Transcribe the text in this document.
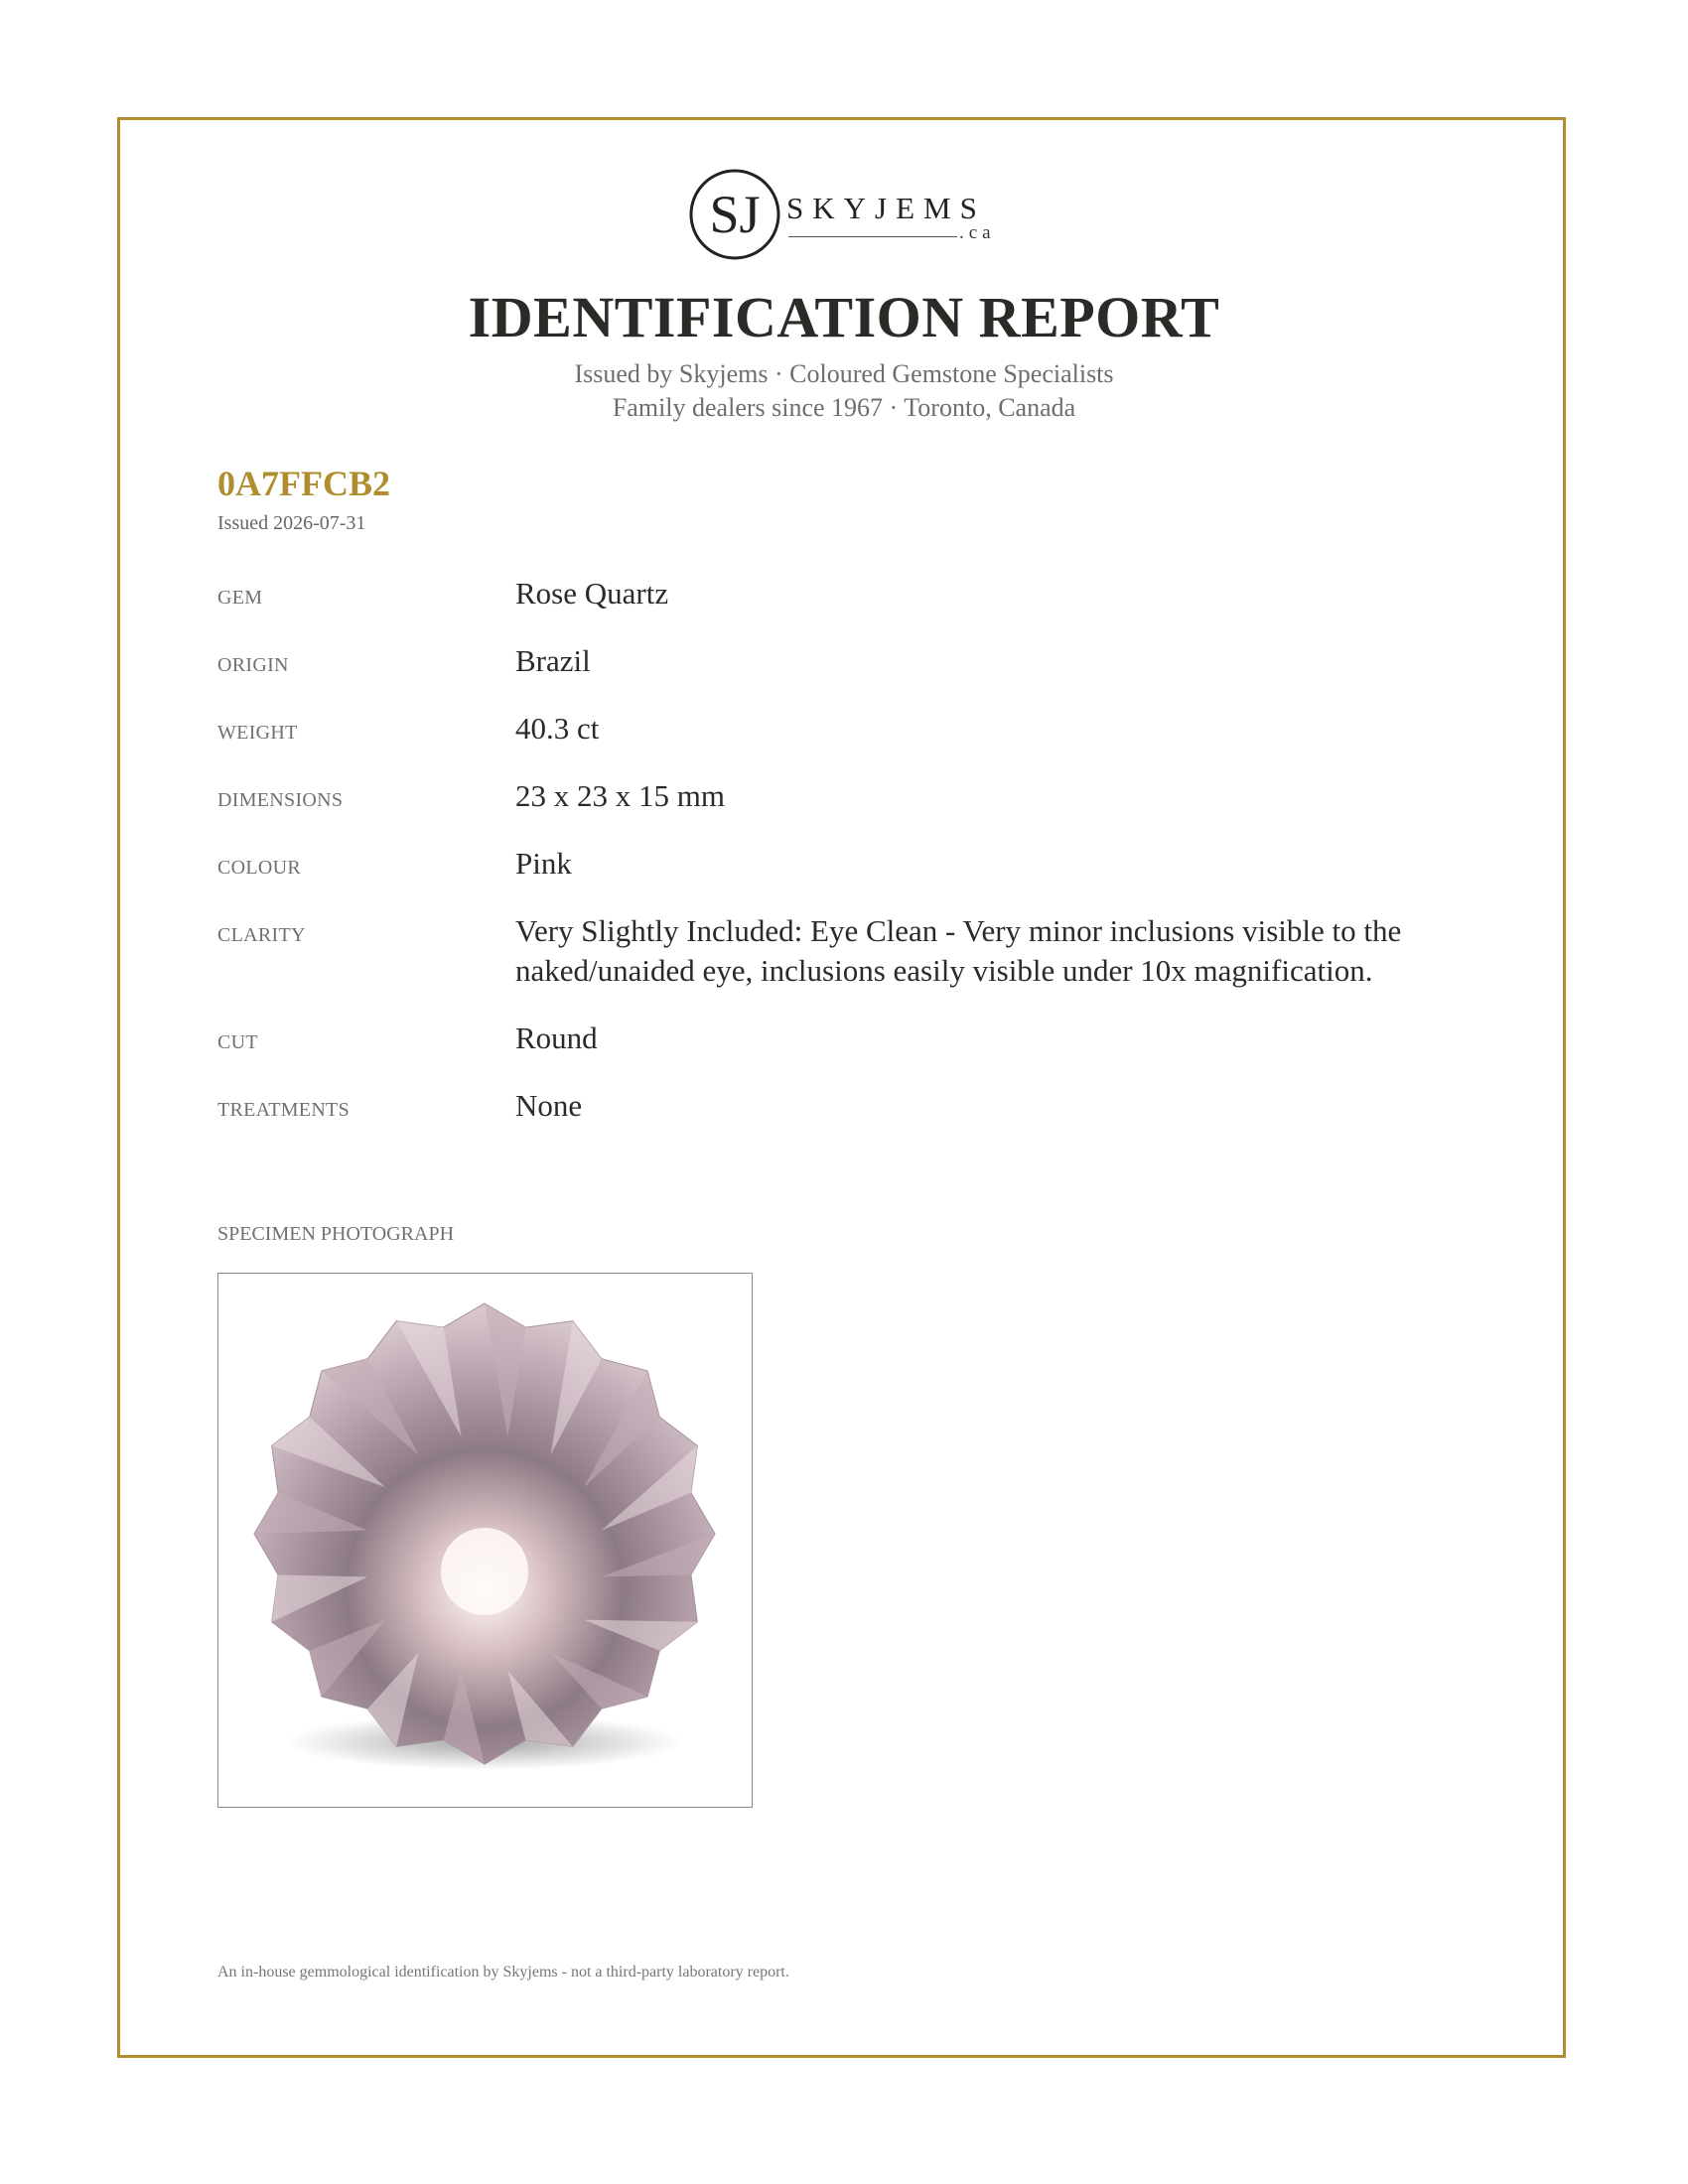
SJ SKYJEMS
.ca
IDENTIFICATION REPORT
Issued by Skyjems · Coloured Gemstone Specialists
Family dealers since 1967 · Toronto, Canada
0A7FFCB2
Issued 2026-07-31
GEM	Rose Quartz
ORIGIN	Brazil
WEIGHT	40.3 ct
DIMENSIONS	23 x 23 x 15 mm
COLOUR	Pink
CLARITY	Very Slightly Included: Eye Clean - Very minor inclusions visible to the naked/unaided eye, inclusions easily visible under 10x magnification.
CUT	Round
TREATMENTS	None
SPECIMEN PHOTOGRAPH
An in-house gemmological identification by Skyjems - not a third-party laboratory report.
